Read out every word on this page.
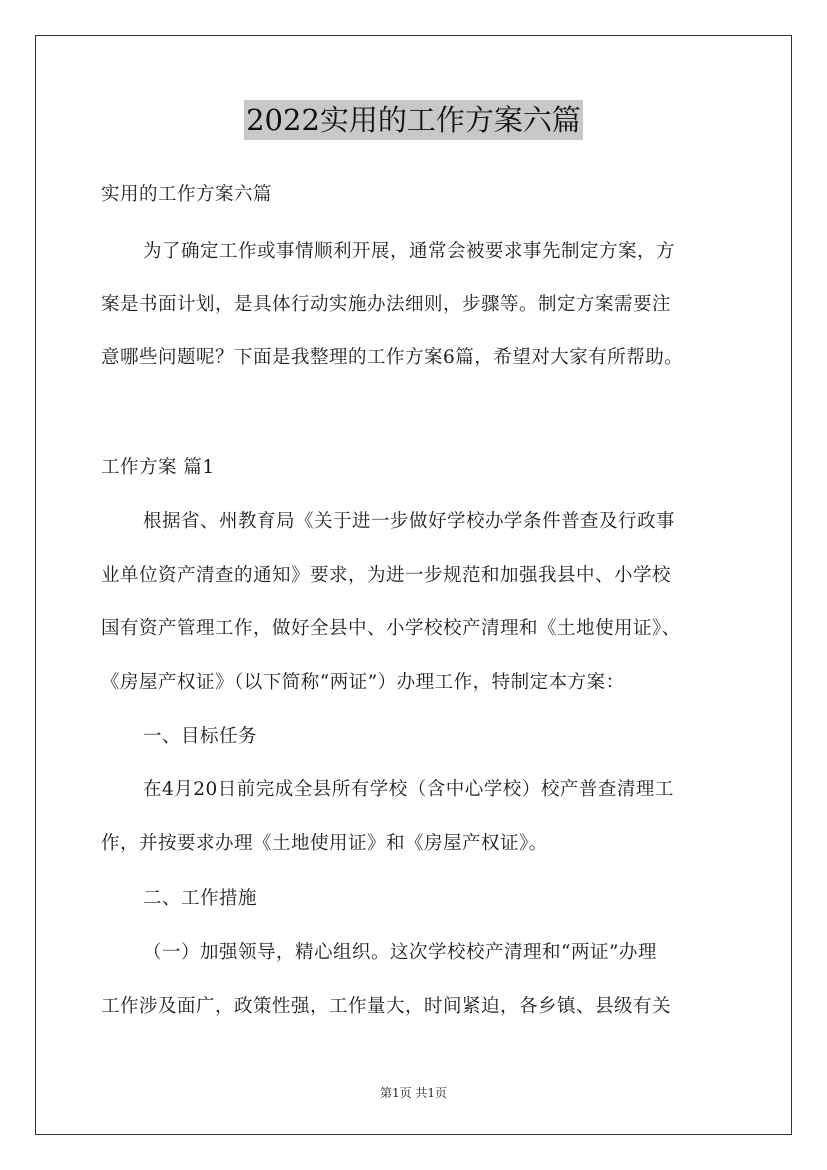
2022实用的工作方案六篇
实用的工作方案六篇
为了确定工作或事情顺利开展，通常会被要求事先制定方案，方
案是书面计划，是具体行动实施办法细则，步骤等。制定方案需要注
意哪些问题呢？下面是我整理的工作方案6篇，希望对大家有所帮助。
工作方案 篇1
根据省、州教育局《关于进一步做好学校办学条件普查及行政事
业单位资产清查的通知》要求，为进一步规范和加强我县中、小学校
国有资产管理工作，做好全县中、小学校校产清理和《土地使用证》、
《房屋产权证》（以下简称“两证”）办理工作，特制定本方案：
一、目标任务
在4月20日前完成全县所有学校（含中心学校）校产普查清理工
作，并按要求办理《土地使用证》和《房屋产权证》。
二、工作措施
（一）加强领导，精心组织。这次学校校产清理和“两证”办理
工作涉及面广，政策性强，工作量大，时间紧迫，各乡镇、县级有关
第1页 共1页
